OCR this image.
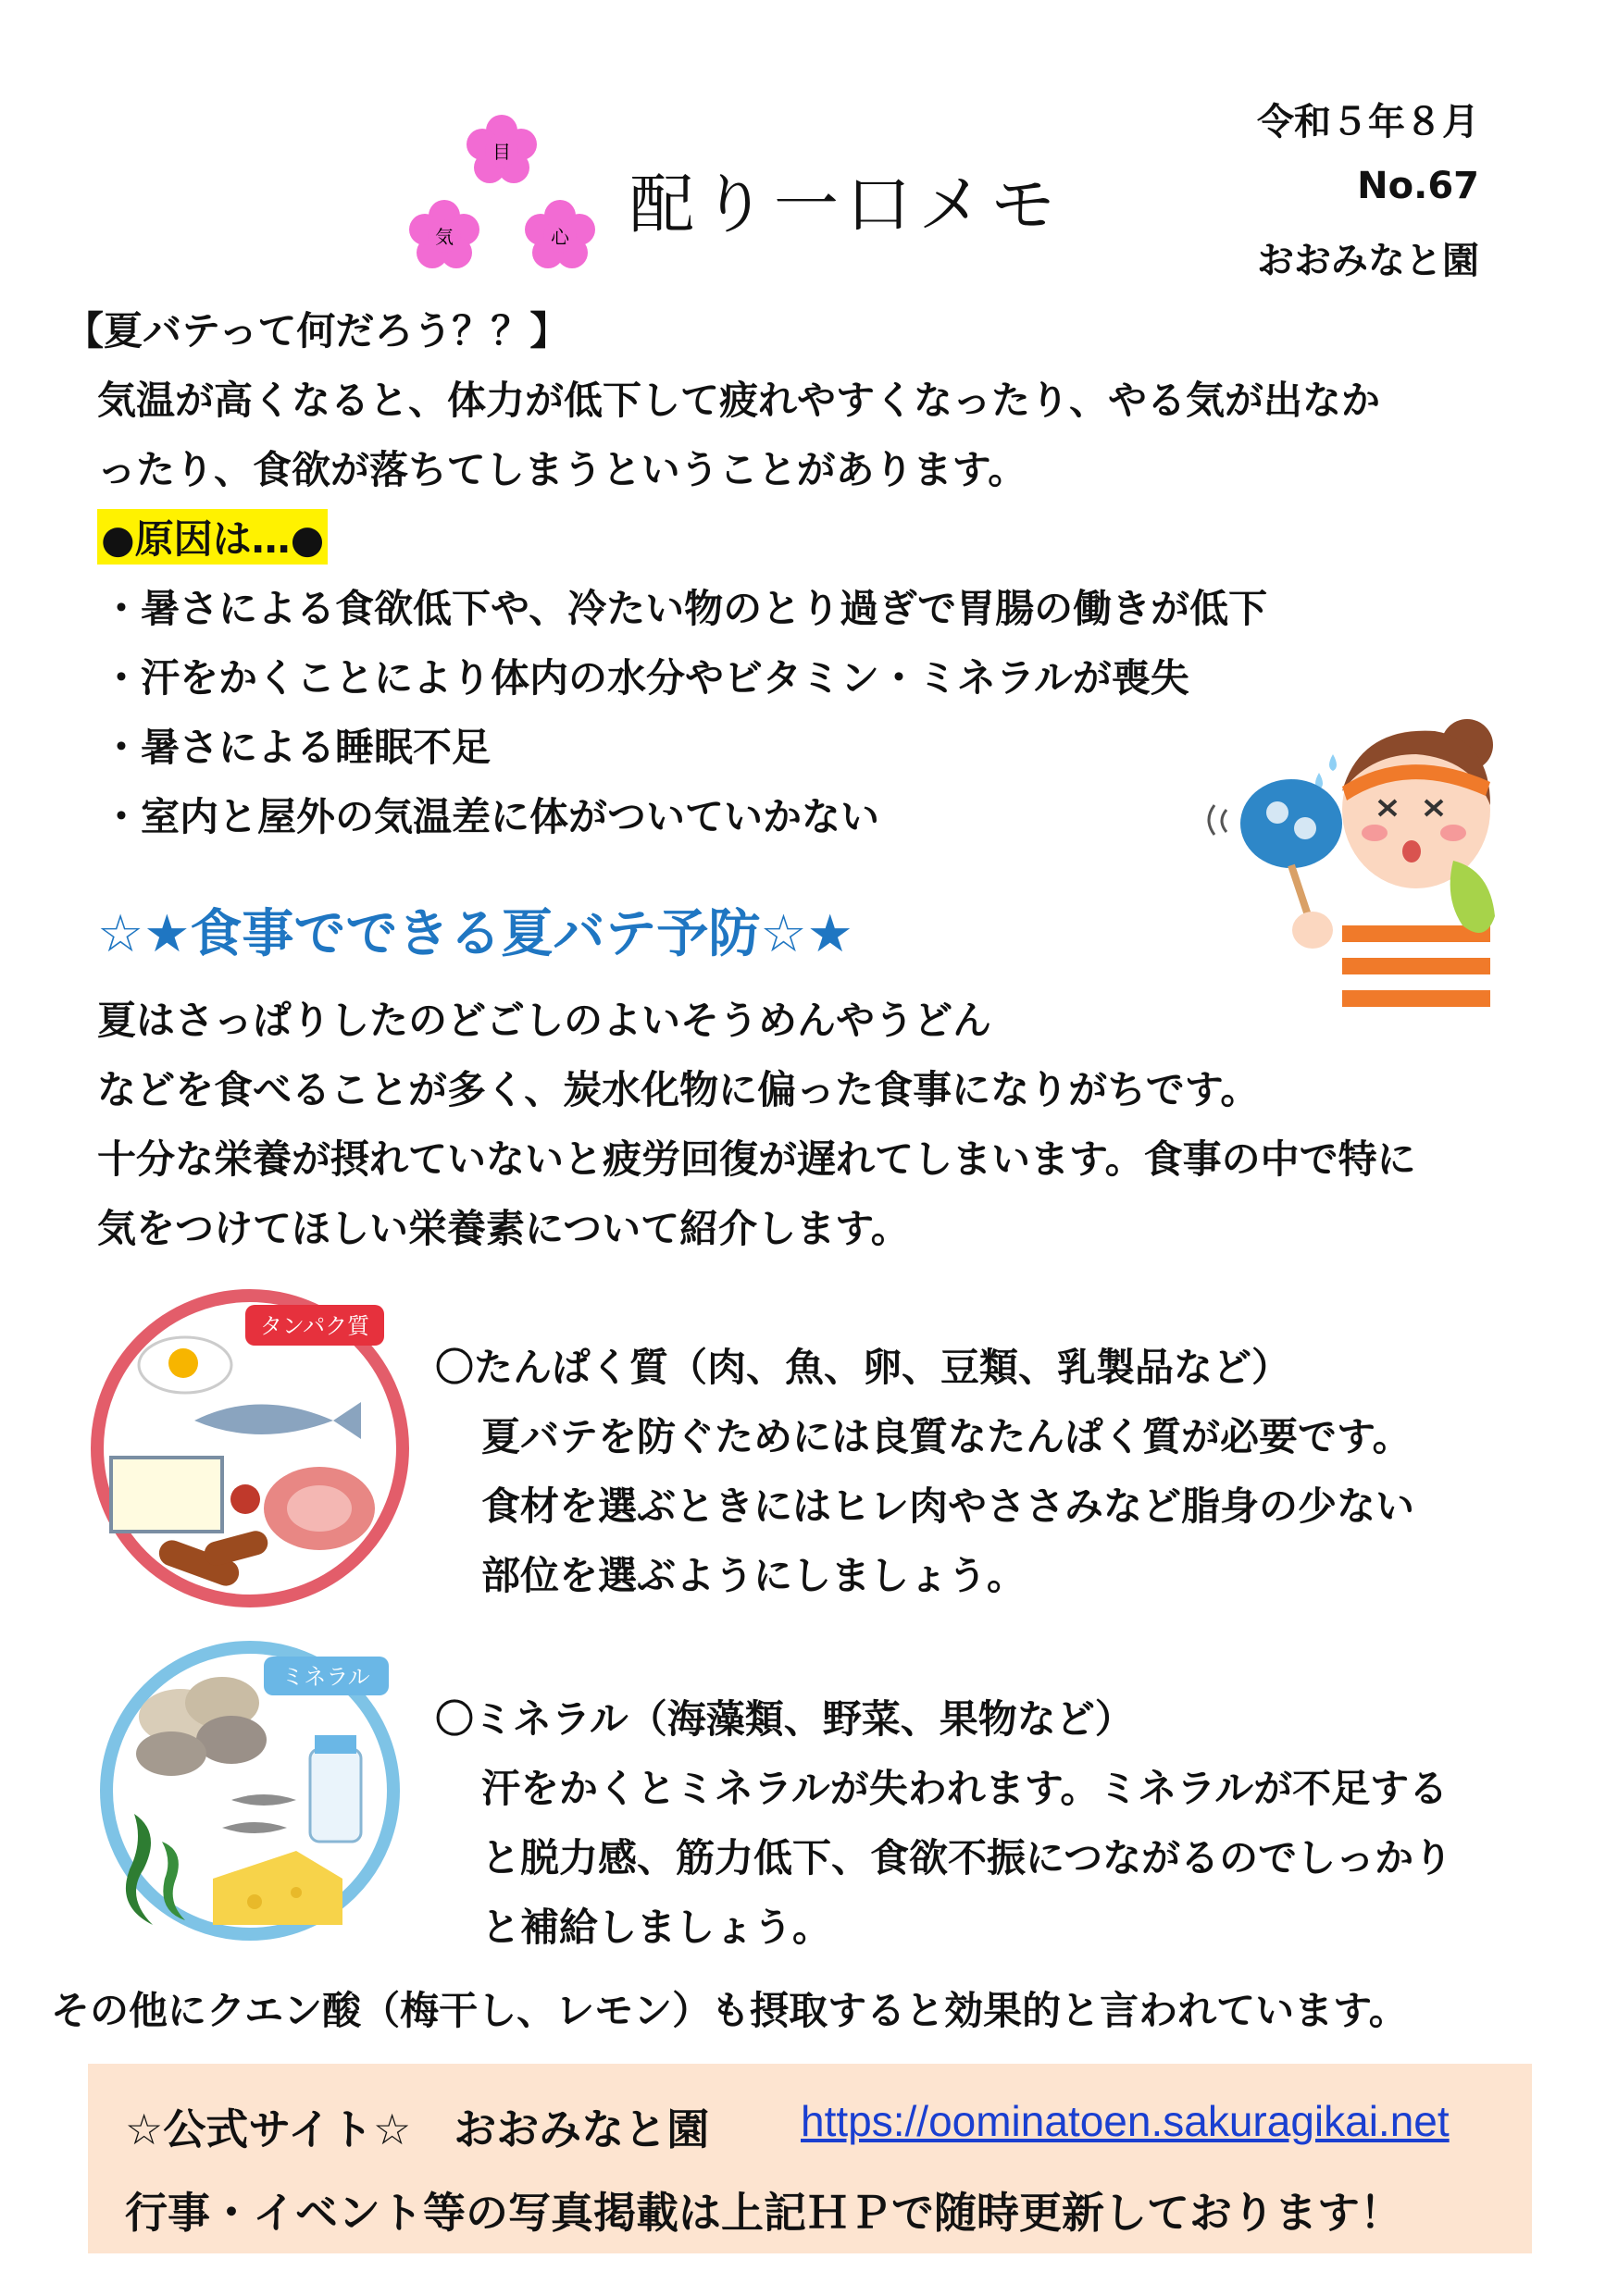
目
気	心 配り一口メモ
令和５年８月
No.67
おおみなと園
【夏バテって何だろう？？】
気温が高くなると、体力が低下して疲れやすくなったり、やる気が出なか
ったり、食欲が落ちてしまうということがあります。
●原因は…●
・暑さによる食欲低下や、冷たい物のとり過ぎで胃腸の働きが低下
・汗をかくことにより体内の水分やビタミン・ミネラルが喪失
・暑さによる睡眠不足
・室内と屋外の気温差に体がついていかない
☆★食事でできる夏バテ予防☆★
夏はさっぱりしたのどごしのよいそうめんやうどん
などを食べることが多く、炭水化物に偏った食事になりがちです。
十分な栄養が摂れていないと疲労回復が遅れてしまいます。食事の中で特に
気をつけてほしい栄養素について紹介します。
タンパク質
〇たんぱく質（肉、魚、卵、豆類、乳製品など）
夏バテを防ぐためには良質なたんぱく質が必要です。
食材を選ぶときにはヒレ肉やささみなど脂身の少ない
部位を選ぶようにしましょう。
ミネラル
〇ミネラル（海藻類、野菜、果物など）
汗をかくとミネラルが失われます。ミネラルが不足する
と脱力感、筋力低下、食欲不振につながるのでしっかり
と補給しましょう。
その他にクエン酸（梅干し、レモン）も摂取すると効果的と言われています。
☆公式サイト☆　おおみなと園 https://oominatoen.sakuragikai.net
行事・イベント等の写真掲載は上記ＨＰで随時更新しております！
